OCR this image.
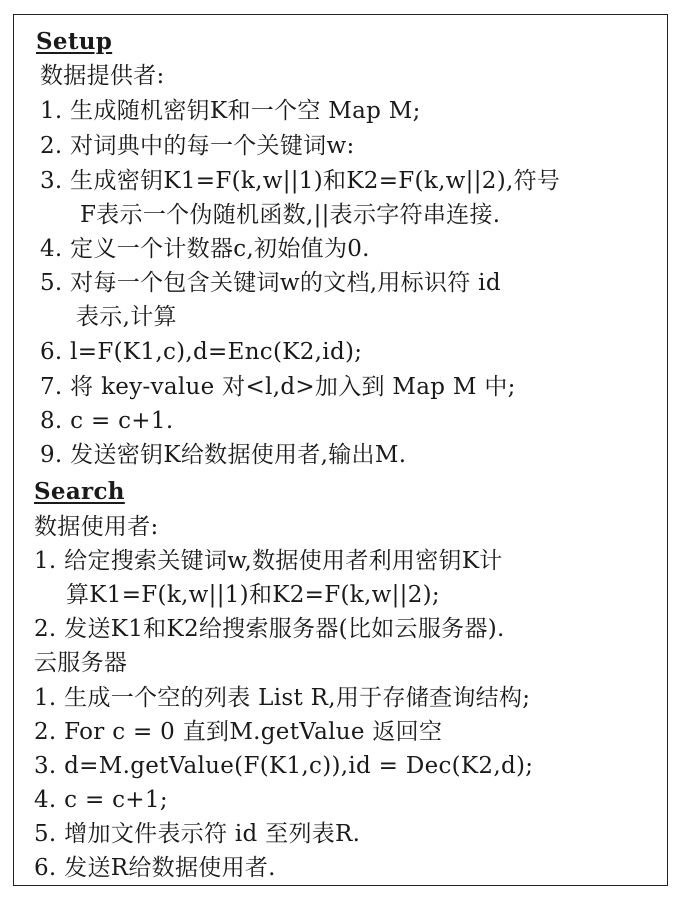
Setup
数据提供者:
1. 生成随机密钥K和一个空 Map M;
2. 对词典中的每一个关键词w:
3. 生成密钥K1=F(k,w||1)和K2=F(k,w||2),符号
F表示一个伪随机函数,||表示字符串连接.
4. 定义一个计数器c,初始值为0.
5. 对每一个包含关键词w的文档,用标识符 id
表示,计算
6. l=F(K1,c),d=Enc(K2,id);
7. 将 key-value 对<l,d>加入到 Map M 中;
8. c = c+1.
9. 发送密钥K给数据使用者,输出M.
Search
数据使用者:
1. 给定搜索关键词w,数据使用者利用密钥K计
算K1=F(k,w||1)和K2=F(k,w||2);
2. 发送K1和K2给搜索服务器(比如云服务器).
云服务器
1. 生成一个空的列表 List R,用于存储查询结构;
2. For c = 0 直到M.getValue 返回空
3. d=M.getValue(F(K1,c)),id = Dec(K2,d);
4. c = c+1;
5. 增加文件表示符 id 至列表R.
6. 发送R给数据使用者.
